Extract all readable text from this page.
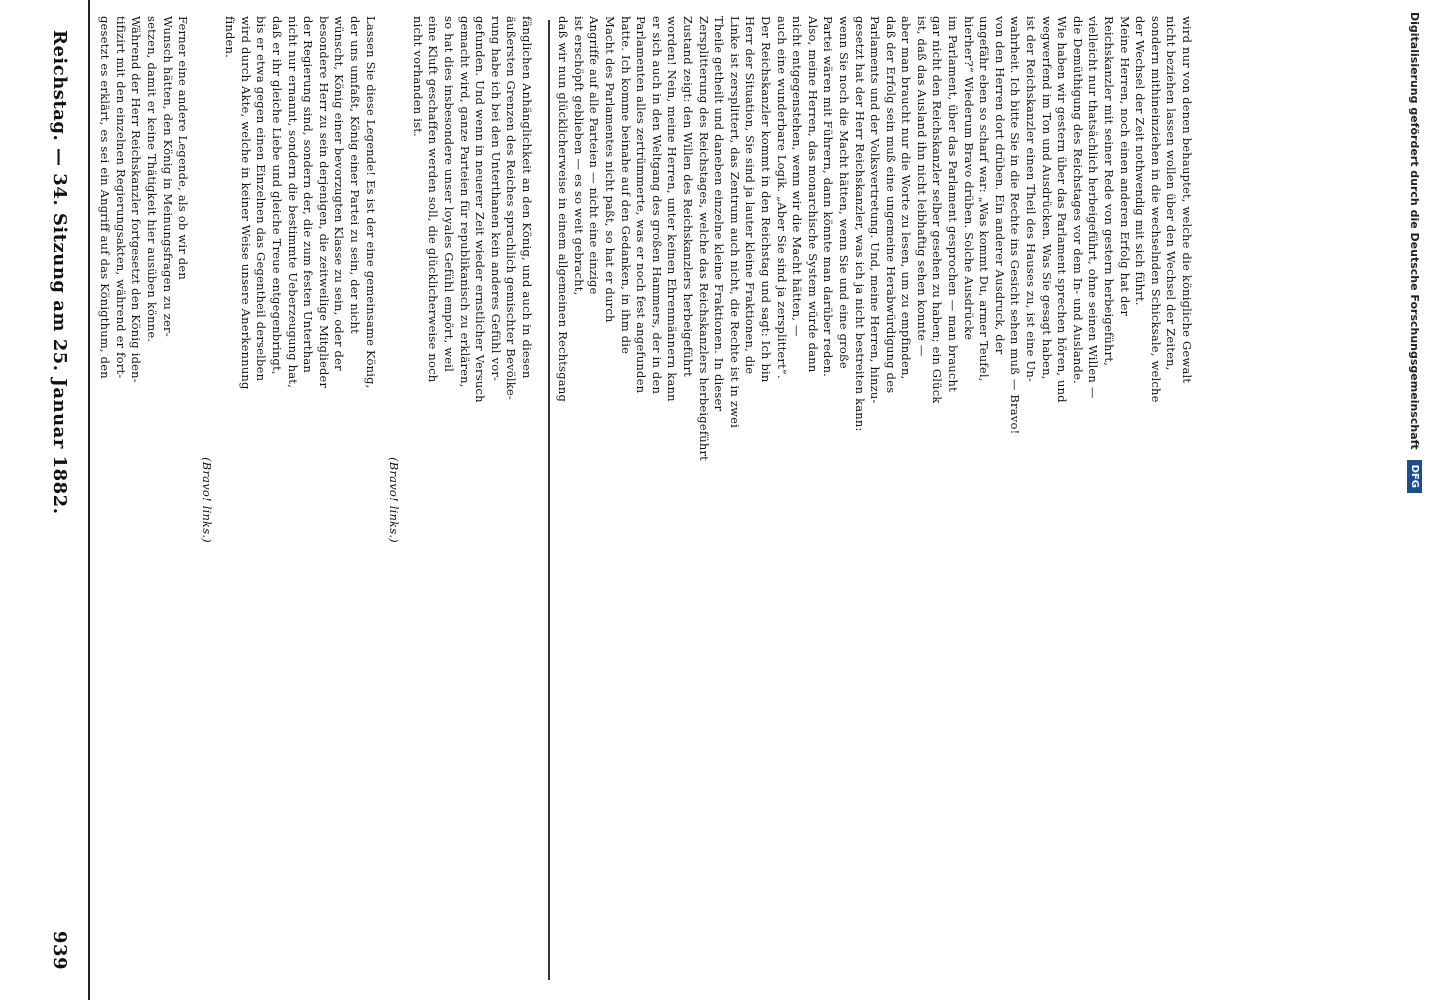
Reichstag. — 34. Sitzung am 25. Januar 1882.
939
fänglichen Anhänglichkeit an den König, und auch in diesen
äußersten Grenzen des Reiches sprachlich gemischter Bevölke-
rung habe ich bei den Unterthanen kein anderes Gefühl vor-
gefunden. Und wenn in neuerer Zeit wieder ernstlicher Versuch
gemacht wird, ganze Parteien für republikanisch zu erklären,
so hat dies insbesondere unser loyales Gefühl empört, weil
eine Kluft geschaffen werden soll, die glücklicherweise noch
nicht vorhanden ist.
(Bravo! links.)
Lassen Sie diese Legende! Es ist der eine gemeinsame König,
der uns umfaßt, König einer Partei zu sein, der nicht
wünscht, König einer bevorzugten Klasse zu sein, oder der
besondere Herr zu sein derjenigen, die zeitweilige Mitglieder
der Regierung sind, sondern der, die zum festen Unterthan
nicht nur ernannt, sondern die bestimmte Ueberzeugung hat,
daß er ihr gleiche Liebe und gleiche Treue entgegenbringt,
bis er etwa gegen einen Einzelnen das Gegentheil derselben
wird durch Akte, welche in keiner Weise unsere Anerkennung
finden.
(Bravo! links.)
Ferner eine andere Legende, als ob wir den
Wunsch hätten, den König in Meinungsfragen zu zer-
setzen, damit er keine Thätigkeit hier ausüben könne.
Während der Herr Reichskanzler fortgesetzt den König iden-
tifizirt mit den einzelnen Regierungsakten, während er fort-
gesetzt es erklärt, es sei ein Angriff auf das Königthum, den	wird nur von denen behauptet, welche die königliche Gewalt
nicht beziehen lassen wollen über den Wechsel der Zeiten,
sondern mithineinziehen in die wechselnden Schicksale, welche
der Wechsel der Zeit nothwendig mit sich führt.
Meine Herren, noch einen anderen Erfolg hat der
Reichskanzler mit seiner Rede von gestern herbeigeführt,
vielleicht nur thatsächlich herbeigeführt, ohne seinen Willen —
die Demüthigung des Reichstages vor dem In- und Auslande.
Wie haben wir gestern über das Parlament sprechen hören, und
wegwerfend im Ton und Ausdrücken. Was Sie gesagt haben,
ist der Reichskanzler einen Theil des Hauses zu, ist eine Un-
wahrheit. Ich bitte Sie in die Rechte ins Gesicht sehen muß — Bravo!
von den Herren dort drüben. Ein anderer Ausdruck, der
ungefähr eben so scharf war: „Was kommt Du, armer Teufel,
hierher?“ Wiederum Bravo drüben. Solche Ausdrücke
im Parlament, über das Parlament gesprochen — man braucht
gar nicht den Reichskanzler selber gesehen zu haben; ein Glück
ist, daß das Ausland ihn nicht leibhaftig sehen konnte —
aber man braucht nur die Worte zu lesen, um zu empfinden,
daß der Erfolg sein muß eine ungemeine Herabwürdigung des
Parlaments und der Volksvertretung. Und, meine Herren, hinzu-
gesetzt hat der Herr Reichskanzler, was ich ja nicht bestreiten kann:
wenn Sie noch die Macht hätten, wenn Sie und eine große
Partei wären mit Führern, dann könnte man darüber reden.
Also, meine Herren, das monarchische System würde dann
nicht entgegenstehen, wenn wir die Macht hätten, —
auch eine wunderbare Logik. „Aber Sie sind ja zersplittert“.
Der Reichskanzler kommt in den Reichstag und sagt: Ich bin
Herr der Situation, Sie sind ja lauter kleine Fraktionen, die
Linke ist zersplittert, das Zentrum auch nicht, die Rechte ist in zwei
Theile getheilt und daneben einzelne kleine Fraktionen. In dieser
Zersplitterung des Reichstages, welche das Reichskanzlers herbeigeführt
Zustand zeigt: den Willen des Reichskanzlers herbeigeführt
worden! Nein, meine Herren, unter keinen Ehrenmännern kann
er sich auch in den Weltgang des großen Hammers, der in den
Parlamenten alles zertrümmerte, was er noch fest angefunden
hatte. Ich komme beinahe auf den Gedanken, in ihm die
Macht des Parlamentes nicht paßt, so hat er durch
Angriffe auf alle Parteien — nicht eine einzige
ist erschöpft geblieben — es so weit gebracht,
daß wir nun glücklicherweise in einem allgemeinen Rechtsgang	Digitalisierung gefördert durch die Deutsche Forschungsgemeinschaft
DFG
